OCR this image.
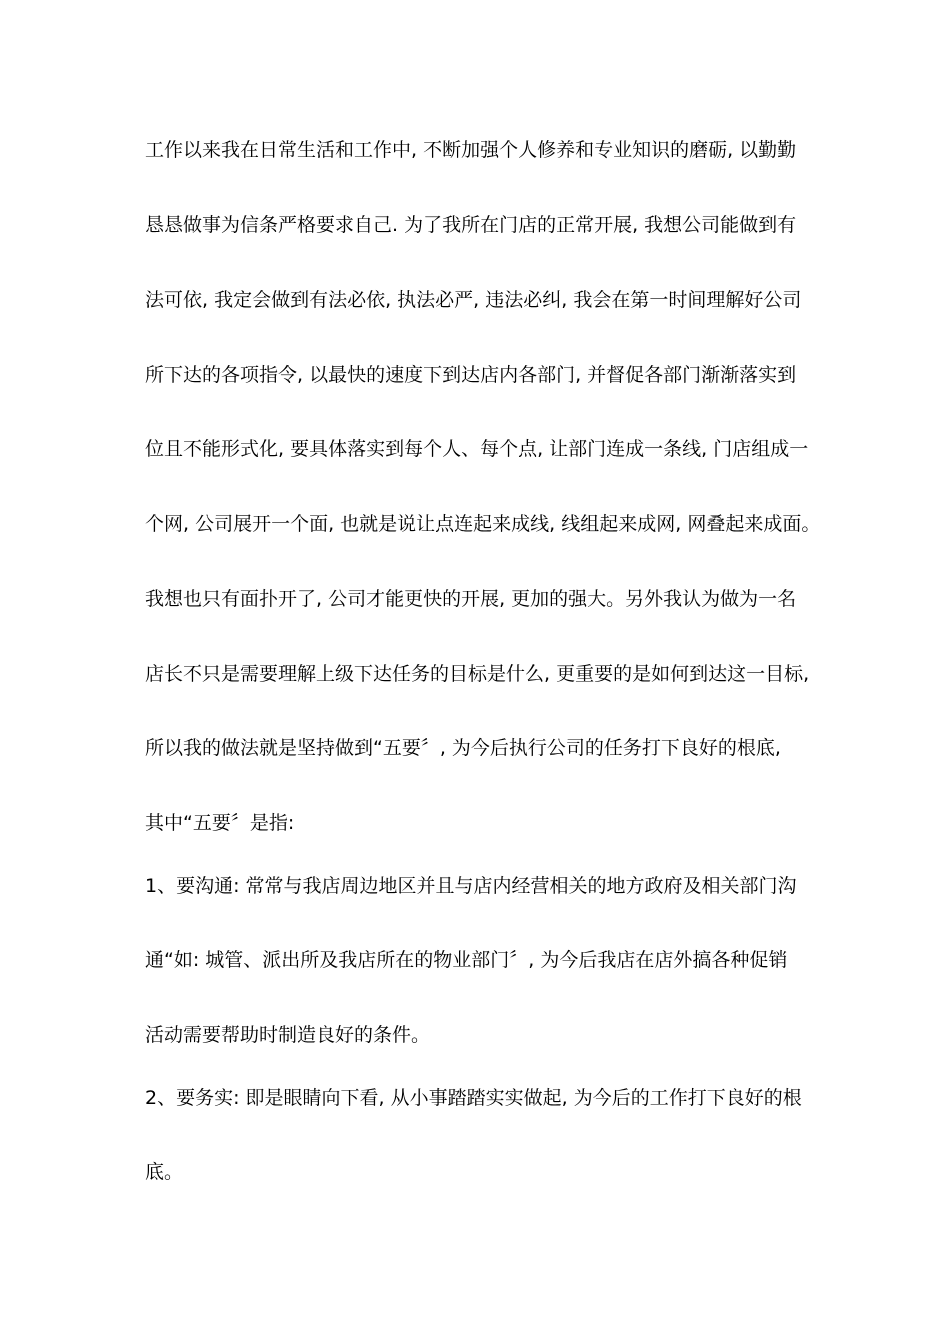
工作以来我在日常生活和工作中, 不断加强个人修养和专业知识的磨砺, 以勤勤
恳恳做事为信条严格要求自己. 为了我所在门店的正常开展, 我想公司能做到有
法可依, 我定会做到有法必依, 执法必严, 违法必纠, 我会在第一时间理解好公司
所下达的各项指令, 以最快的速度下到达店内各部门, 并督促各部门渐渐落实到
位且不能形式化, 要具体落实到每个人、每个点, 让部门连成一条线, 门店组成一
个网, 公司展开一个面, 也就是说让点连起来成线, 线组起来成网, 网叠起来成面。
我想也只有面扑开了, 公司才能更快的开展, 更加的强大。另外我认为做为一名
店长不只是需要理解上级下达任务的目标是什么, 更重要的是如何到达这一目标,
所以我的做法就是坚持做到“五要〞, 为今后执行公司的任务打下良好的根底,
其中“五要〞是指:
1、要沟通: 常常与我店周边地区并且与店内经营相关的地方政府及相关部门沟
通“如: 城管、派出所及我店所在的物业部门〞, 为今后我店在店外搞各种促销
活动需要帮助时制造良好的条件。
2、要务实: 即是眼睛向下看, 从小事踏踏实实做起, 为今后的工作打下良好的根
底。
